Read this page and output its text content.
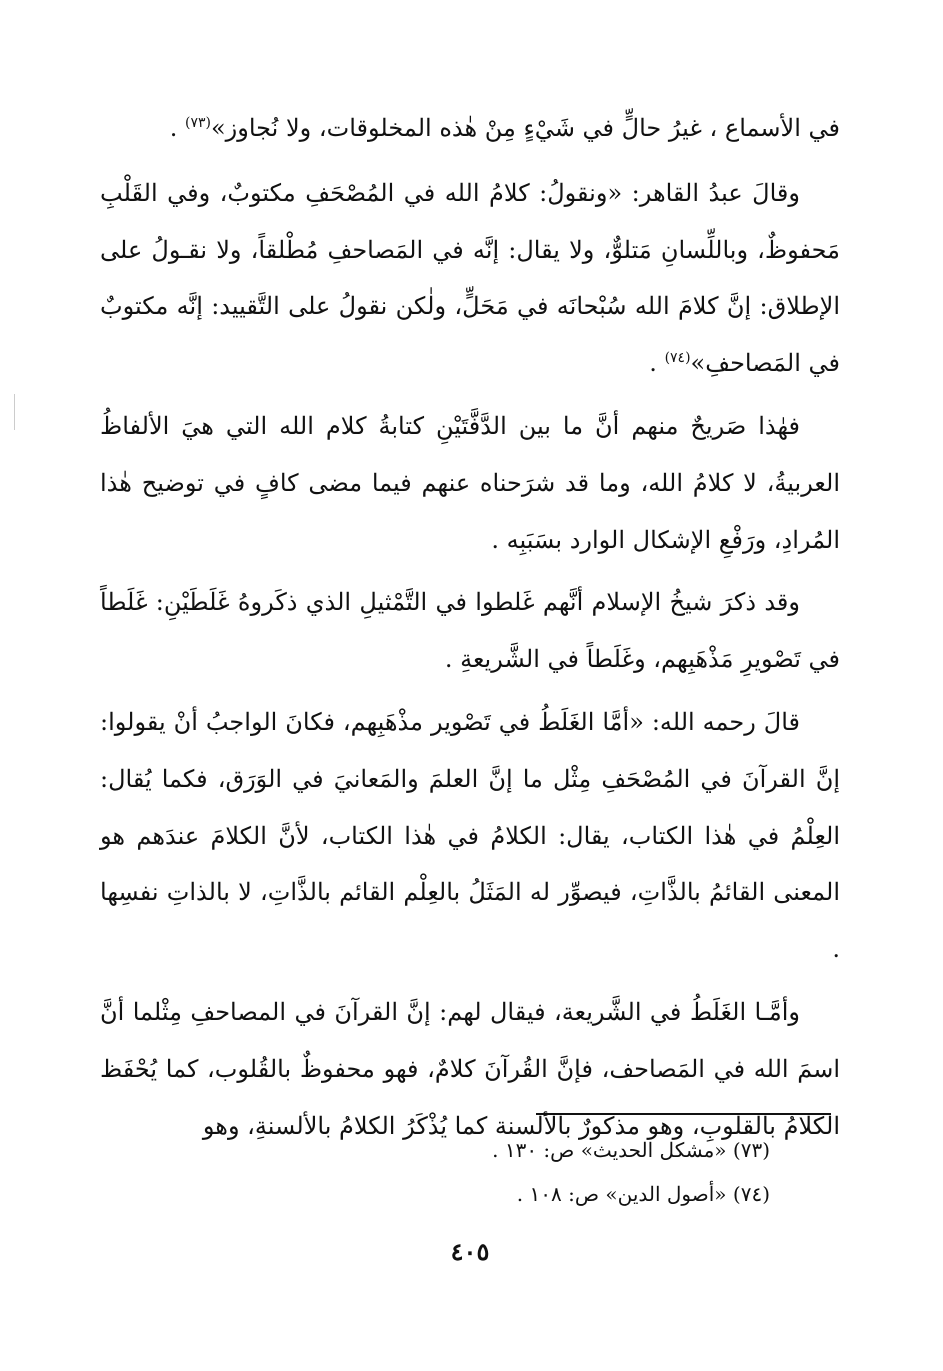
في الأسماع ، غيرُ حالٍّ في شَيْءٍ مِنْ هٰذه المخلوقات، ولا نُجاوز»$^{(٧٣)}$ .

وقالَ عبدُ القاهر: «ونقولُ: كلامُ الله في المُصْحَفِ مكتوبٌ، وفي القَلْبِ مَحفوظٌ، وباللِّسانِ مَتلوٌّ، ولا يقال: إنَّه في المَصاحفِ مُطْلقاً، ولا نقـولُ على الإطلاق: إنَّ كلامَ الله سُبْحانَه في مَحَلٍّ، ولٰكن نقولُ على التَّقييد: إنَّه مكتوبٌ في المَصاحفِ»$^{(٧٤)}$ .

فهٰذا صَريحٌ منهم أنَّ ما بين الدَّفَّتَيْنِ كتابةُ كلام الله التي هيَ الألفاظُ العربيةُ، لا كلامُ الله، وما قد شرَحناه عنهم فيما مضى كافٍ في توضيح هٰذا المُرادِ، ورَفْعِ الإشكال الوارد بسَبَبِه .

وقد ذكرَ شيخُ الإسلام أنَّهم غَلطوا في التَّمْثيلِ الذي ذكَروهُ غَلَطَيْنِ: غَلَطاً في تَصْويرِ مَذْهَبِهم، وغَلَطاً في الشَّريعةِ .

قالَ رحمه الله: «أمَّا الغَلَطُ في تَصْوير مذْهَبِهم، فكانَ الواجبُ أنْ يقولوا: إنَّ القرآنَ في المُصْحَفِ مِثْل ما إنَّ العلمَ والمَعانيَ في الوَرَق، فكما يُقال: العِلْمُ في هٰذا الكتاب، يقال: الكلامُ في هٰذا الكتاب، لأنَّ الكلامَ عندَهم هو المعنى القائمُ بالذَّاتِ، فيصوِّر له المَثَلُ بالعِلْم القائم بالذَّاتِ، لا بالذاتِ نفسِها .

وأمَّـا الغَلَطُ في الشَّريعة، فيقال لهم: إنَّ القرآنَ في المصاحفِ مِثْلما أنَّ اسمَ الله في المَصاحف، فإنَّ القُرآنَ كلامٌ، فهو محفوظٌ بالقُلوب، كما يُحْفَظ الكلامُ بالقلوبِ، وهو مذكورٌ بالألسنة كما يُذْكَرُ الكلامُ بالألسنةِ، وهو

(٧٣) «مشكل الحديث» ص: ١٣٠ .

(٧٤) «أصول الدين» ص: ١٠٨ .

٤٠٥
